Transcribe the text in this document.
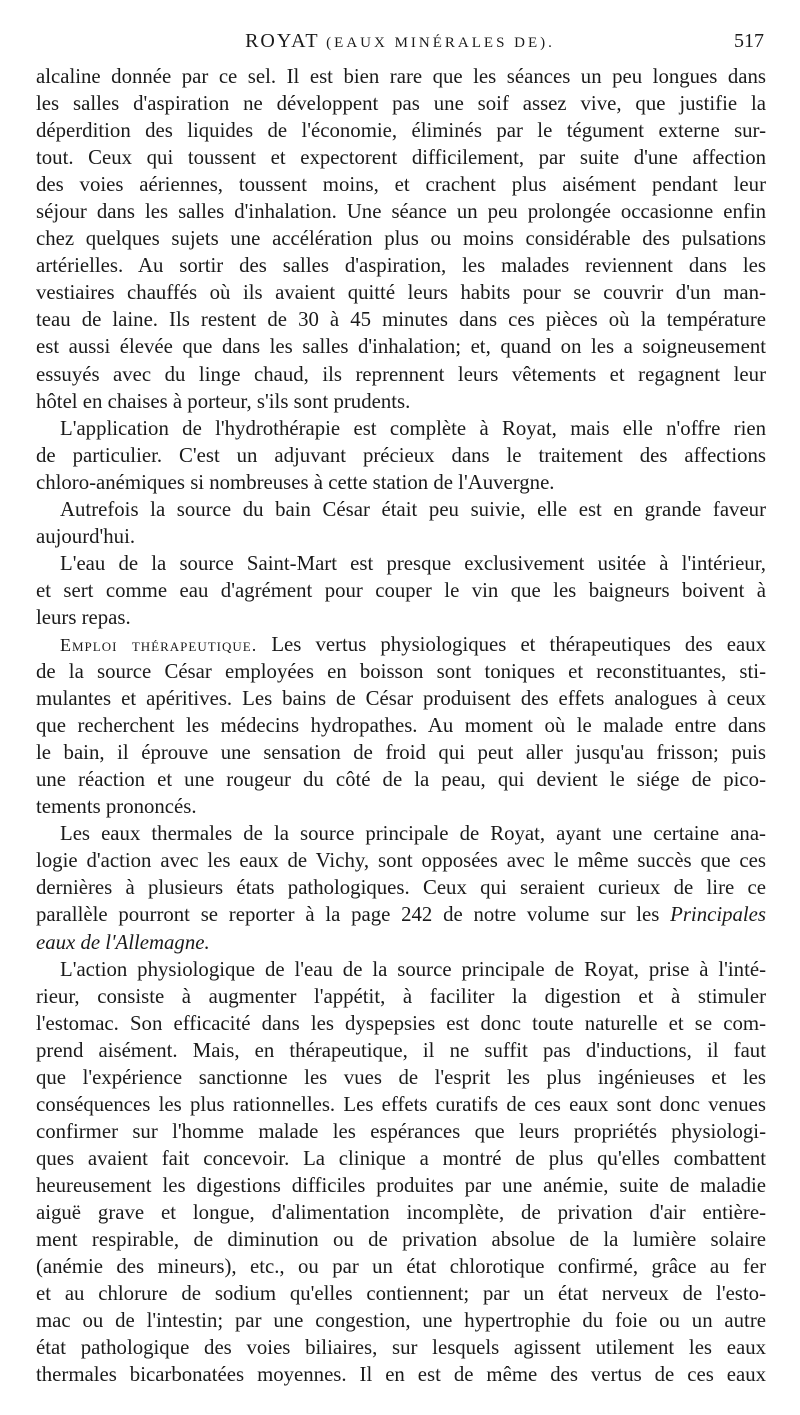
ROYAT (EAUX MINÉRALES DE).	517
alcaline donnée par ce sel. Il est bien rare que les séances un peu longues dans
les salles d'aspiration ne développent pas une soif assez vive, que justifie la
déperdition des liquides de l'économie, éliminés par le tégument externe sur-
tout. Ceux qui toussent et expectorent difficilement, par suite d'une affection
des voies aériennes, toussent moins, et crachent plus aisément pendant leur
séjour dans les salles d'inhalation. Une séance un peu prolongée occasionne enfin
chez quelques sujets une accélération plus ou moins considérable des pulsations
artérielles. Au sortir des salles d'aspiration, les malades reviennent dans les
vestiaires chauffés où ils avaient quitté leurs habits pour se couvrir d'un man-
teau de laine. Ils restent de 30 à 45 minutes dans ces pièces où la température
est aussi élevée que dans les salles d'inhalation; et, quand on les a soigneusement
essuyés avec du linge chaud, ils reprennent leurs vêtements et regagnent leur
hôtel en chaises à porteur, s'ils sont prudents.
L'application de l'hydrothérapie est complète à Royat, mais elle n'offre rien
de particulier. C'est un adjuvant précieux dans le traitement des affections
chloro-anémiques si nombreuses à cette station de l'Auvergne.
Autrefois la source du bain César était peu suivie, elle est en grande faveur
aujourd'hui.
L'eau de la source Saint-Mart est presque exclusivement usitée à l'intérieur,
et sert comme eau d'agrément pour couper le vin que les baigneurs boivent à
leurs repas.
Emploi thérapeutique. Les vertus physiologiques et thérapeutiques des eaux
de la source César employées en boisson sont toniques et reconstituantes, sti-
mulantes et apéritives. Les bains de César produisent des effets analogues à ceux
que recherchent les médecins hydropathes. Au moment où le malade entre dans
le bain, il éprouve une sensation de froid qui peut aller jusqu'au frisson; puis
une réaction et une rougeur du côté de la peau, qui devient le siége de pico-
tements prononcés.
Les eaux thermales de la source principale de Royat, ayant une certaine ana-
logie d'action avec les eaux de Vichy, sont opposées avec le même succès que ces
dernières à plusieurs états pathologiques. Ceux qui seraient curieux de lire ce
parallèle pourront se reporter à la page 242 de notre volume sur les Principales
eaux de l'Allemagne.
L'action physiologique de l'eau de la source principale de Royat, prise à l'inté-
rieur, consiste à augmenter l'appétit, à faciliter la digestion et à stimuler
l'estomac. Son efficacité dans les dyspepsies est donc toute naturelle et se com-
prend aisément. Mais, en thérapeutique, il ne suffit pas d'inductions, il faut
que l'expérience sanctionne les vues de l'esprit les plus ingénieuses et les
conséquences les plus rationnelles. Les effets curatifs de ces eaux sont donc venues
confirmer sur l'homme malade les espérances que leurs propriétés physiologi-
ques avaient fait concevoir. La clinique a montré de plus qu'elles combattent
heureusement les digestions difficiles produites par une anémie, suite de maladie
aiguë grave et longue, d'alimentation incomplète, de privation d'air entière-
ment respirable, de diminution ou de privation absolue de la lumière solaire
(anémie des mineurs), etc., ou par un état chlorotique confirmé, grâce au fer
et au chlorure de sodium qu'elles contiennent; par un état nerveux de l'esto-
mac ou de l'intestin; par une congestion, une hypertrophie du foie ou un autre
état pathologique des voies biliaires, sur lesquels agissent utilement les eaux
thermales bicarbonatées moyennes. Il en est de même des vertus de ces eaux
